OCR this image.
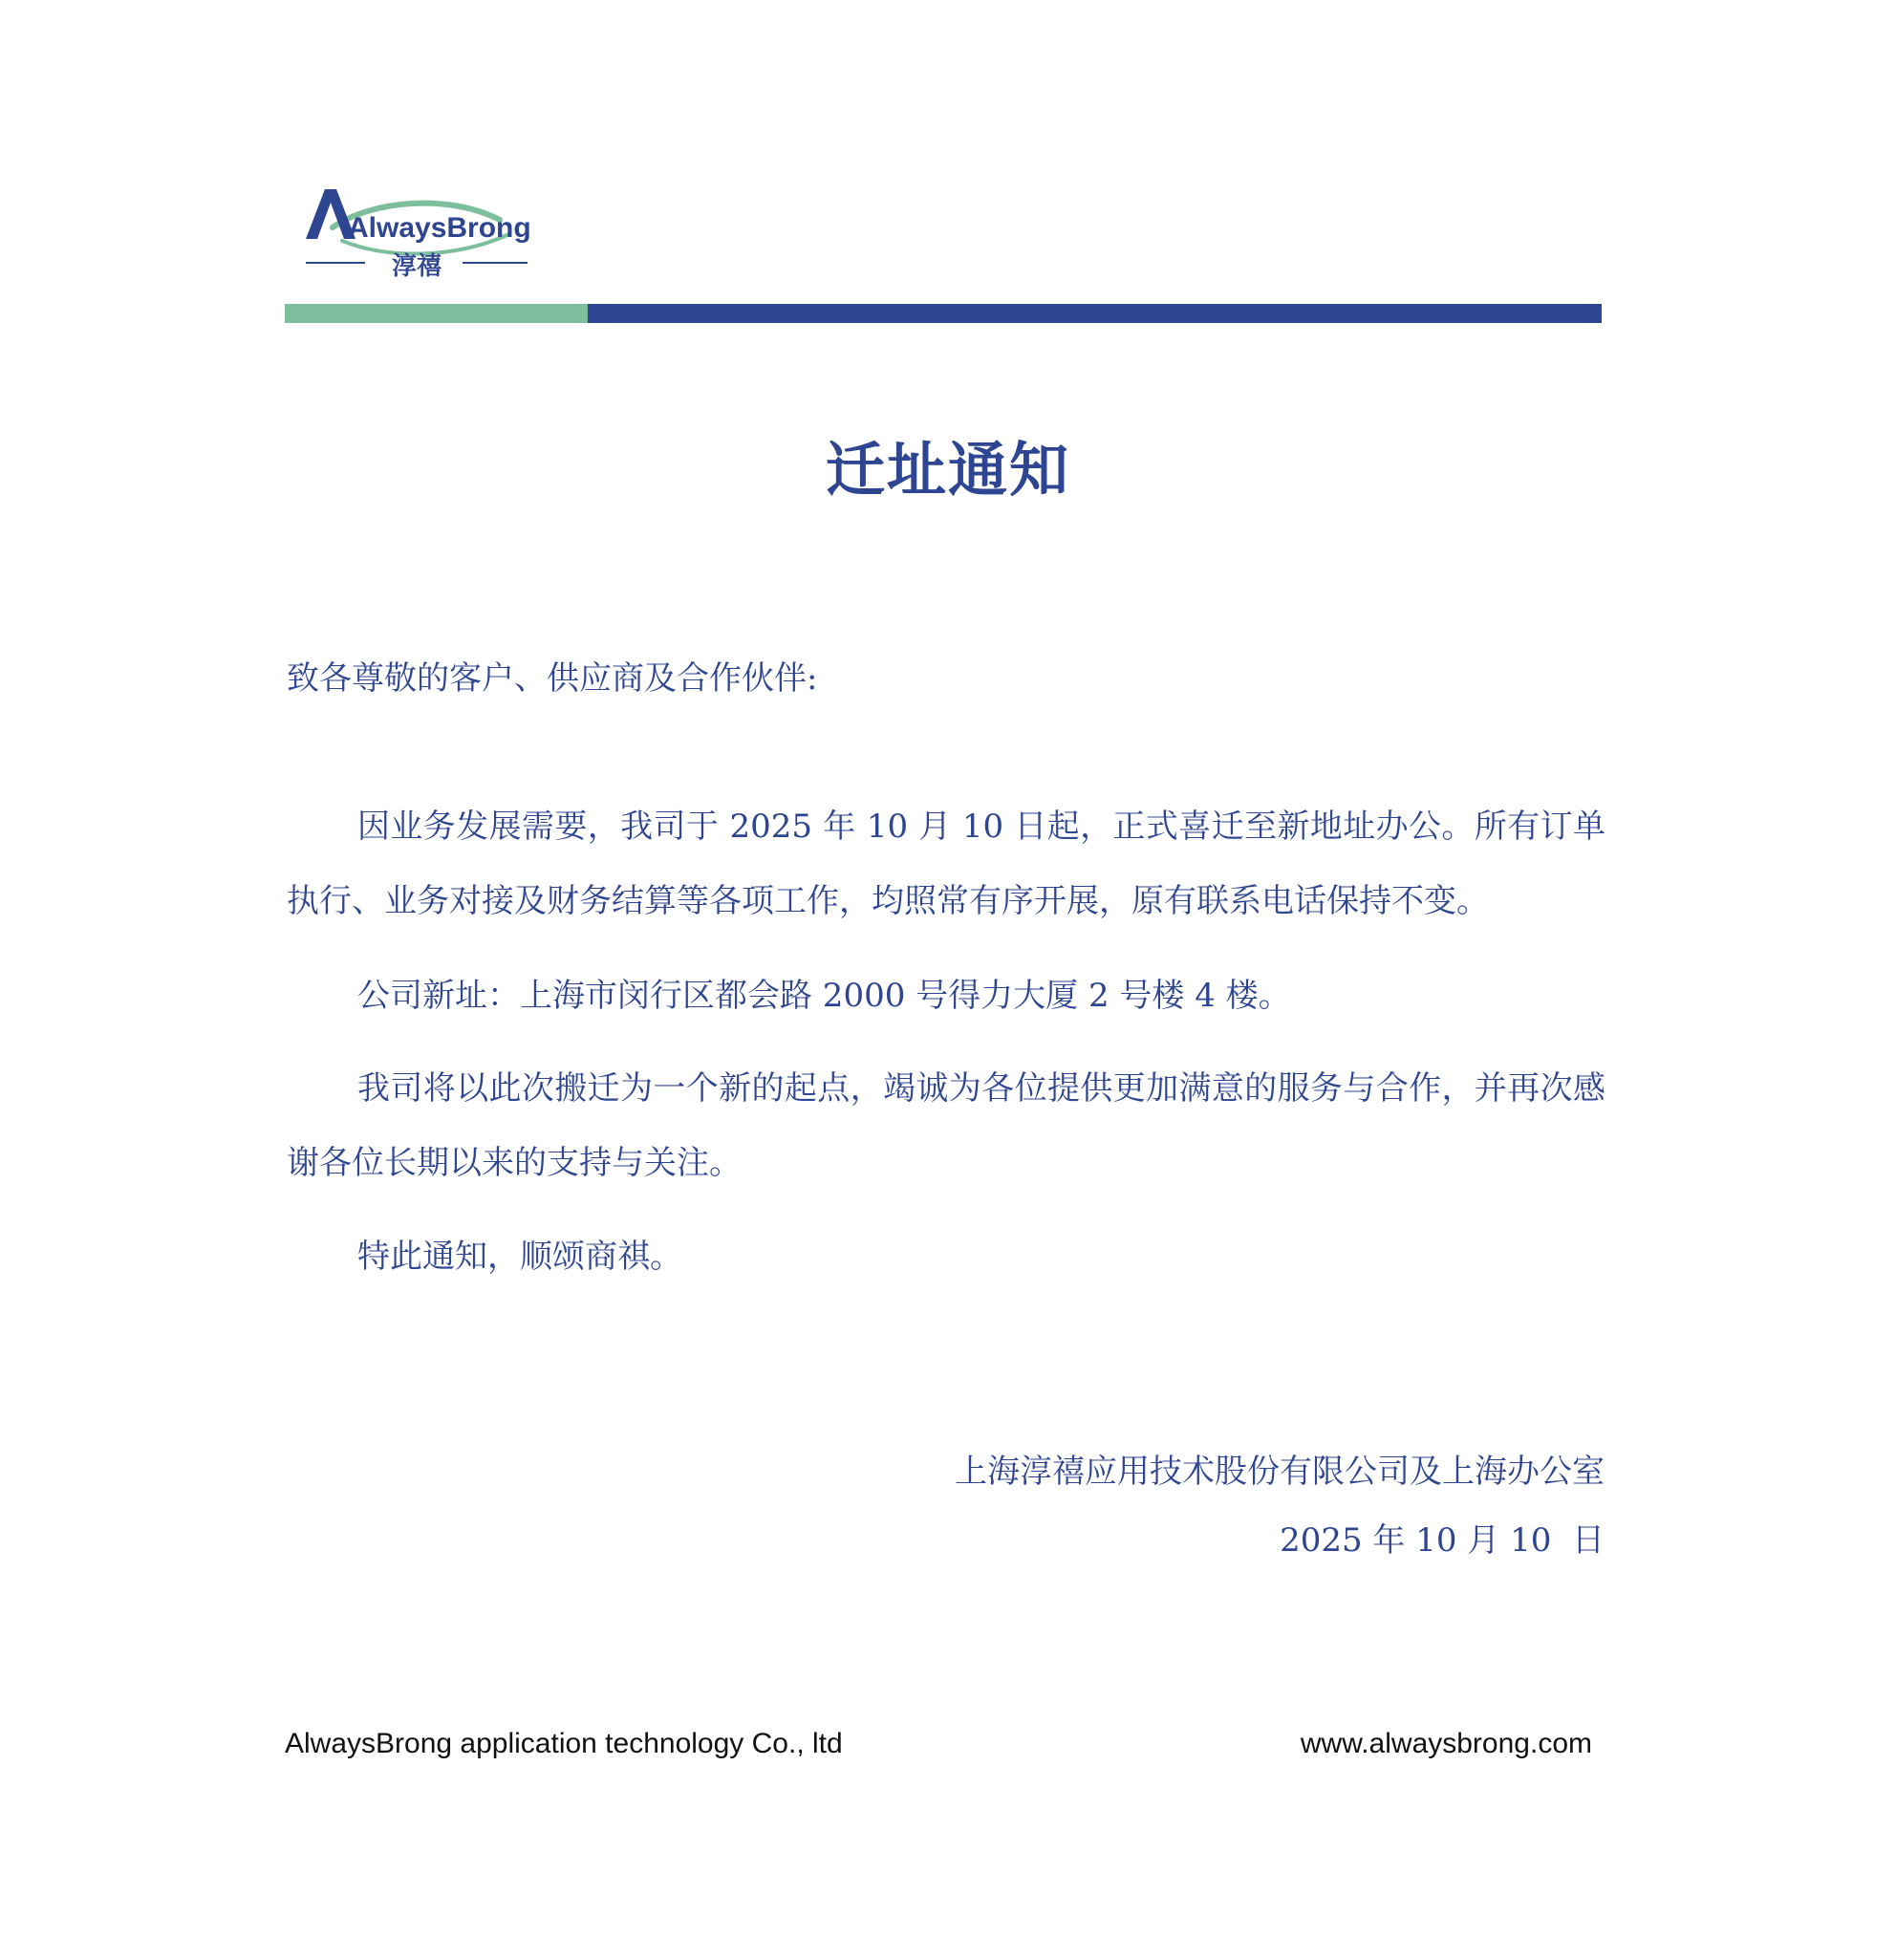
AlwaysBrong
淳禧
迁址通知
致各尊敬的客户、供应商及合作伙伴:
因业务发展需要，我司于 2025 年 10 月 10 日起，正式喜迁至新地址办公。所有订单执行、业务对接及财务结算等各项工作，均照常有序开展，原有联系电话保持不变。
公司新址：上海市闵行区都会路 2000 号得力大厦 2 号楼 4 楼。
我司将以此次搬迁为一个新的起点，竭诚为各位提供更加满意的服务与合作，并再次感谢各位长期以来的支持与关注。
特此通知，顺颂商祺。
上海淳禧应用技术股份有限公司及上海办公室
2025 年 10 月 10  日
AlwaysBrong application technology Co., ltd	www.alwaysbrong.com
